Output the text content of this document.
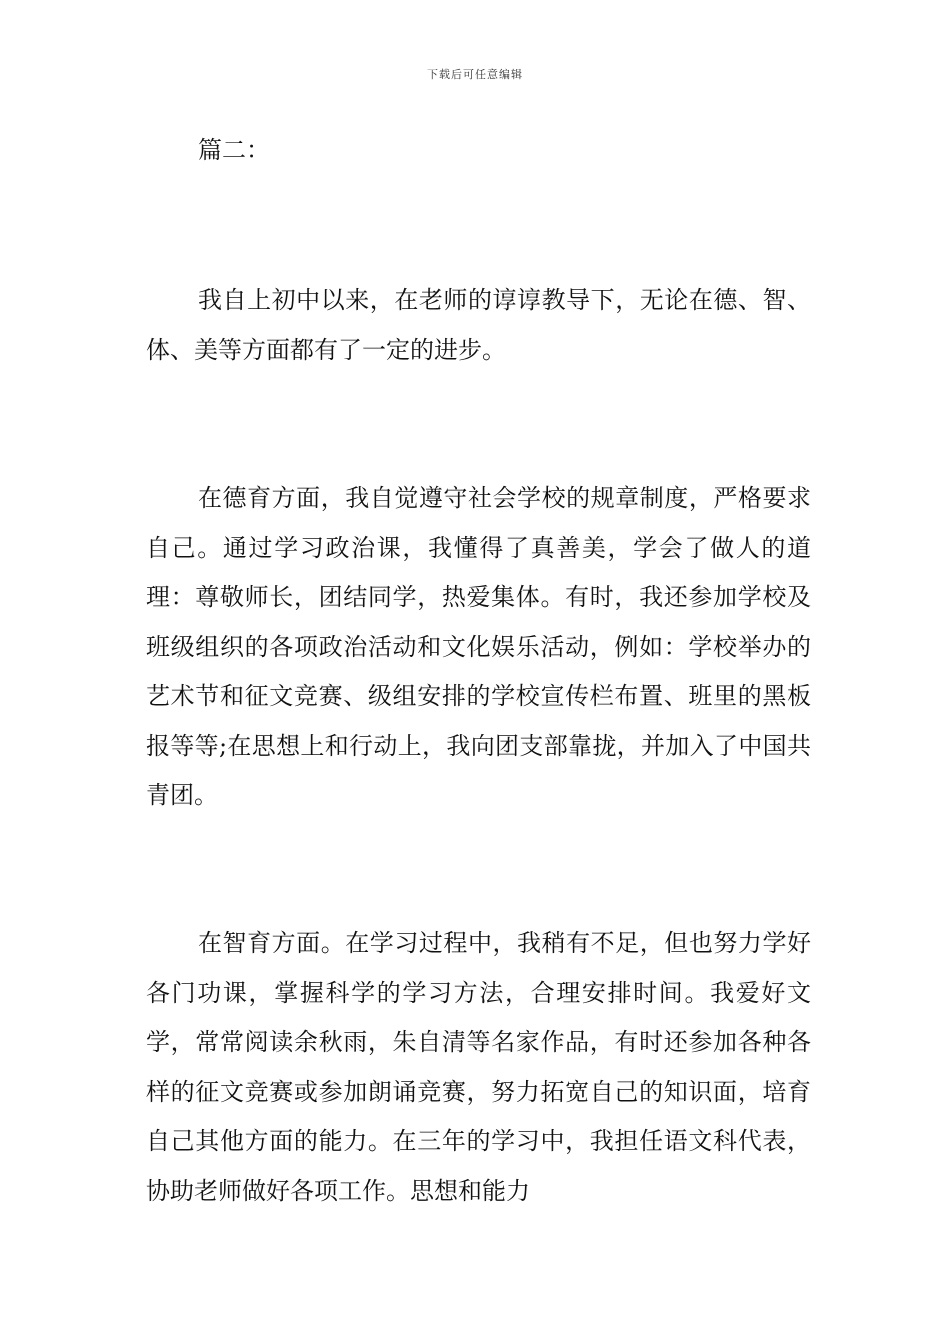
下载后可任意编辑
篇二：

我自上初中以来，在老师的谆谆教导下，无论在德、智、体、美等方面都有了一定的进步。

在德育方面，我自觉遵守社会学校的规章制度，严格要求自己。通过学习政治课，我懂得了真善美，学会了做人的道理：尊敬师长，团结同学，热爱集体。有时，我还参加学校及班级组织的各项政治活动和文化娱乐活动，例如：学校举办的艺术节和征文竞赛、级组安排的学校宣传栏布置、班里的黑板报等等;在思想上和行动上，我向团支部靠拢，并加入了中国共青团。

在智育方面。在学习过程中，我稍有不足，但也努力学好各门功课，掌握科学的学习方法，合理安排时间。我爱好文学，常常阅读余秋雨，朱自清等名家作品，有时还参加各种各样的征文竞赛或参加朗诵竞赛，努力拓宽自己的知识面，培育自己其他方面的能力。在三年的学习中，我担任语文科代表，协助老师做好各项工作。思想和能力
